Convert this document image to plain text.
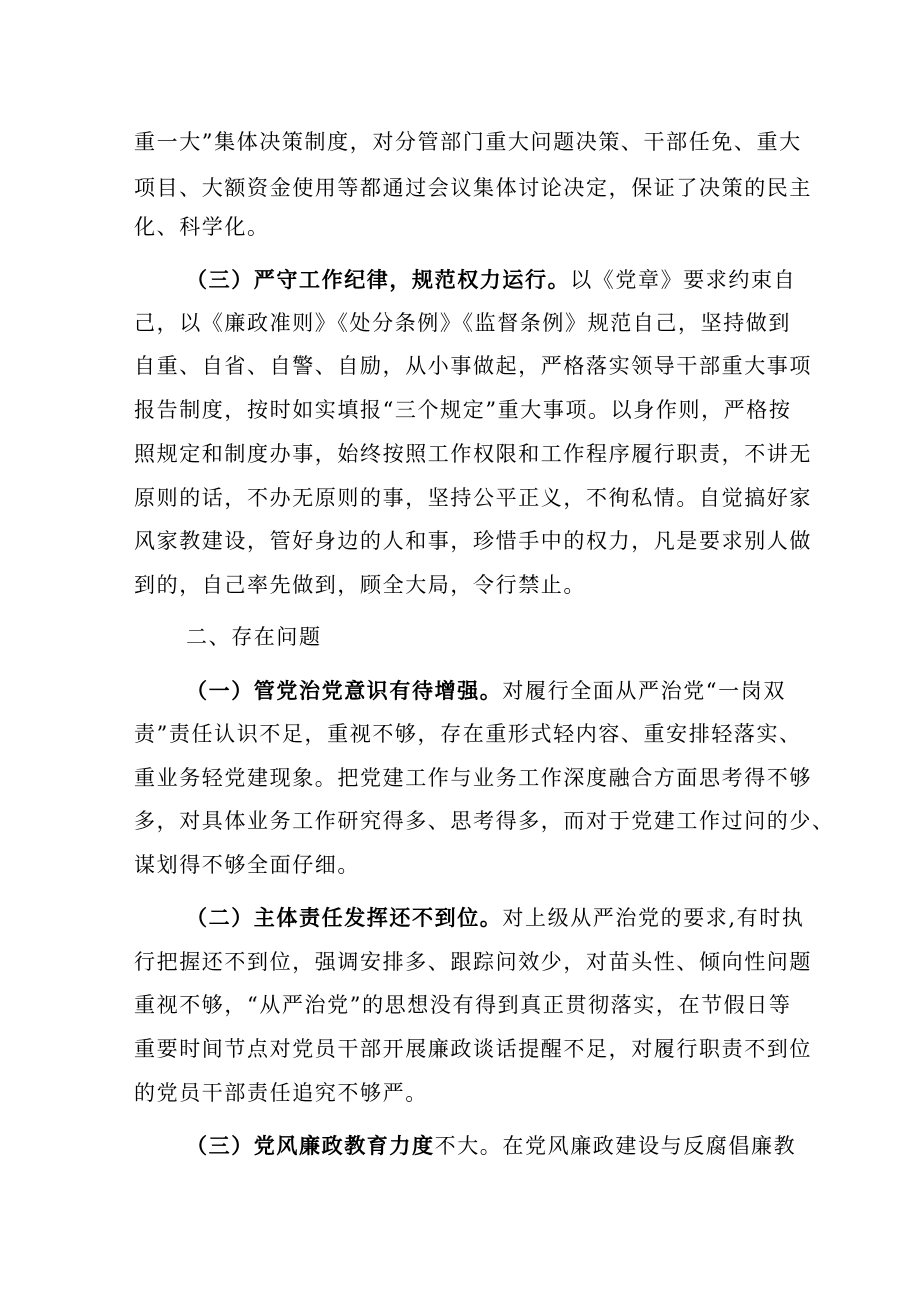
重一大”集体决策制度，对分管部门重大问题决策、干部任免、重大
项目、大额资金使用等都通过会议集体讨论决定，保证了决策的民主
化、科学化。
（三）严守工作纪律，规范权力运行。以《党章》要求约束自
己，以《廉政准则》《处分条例》《监督条例》规范自己，坚持做到
自重、自省、自警、自励，从小事做起，严格落实领导干部重大事项
报告制度，按时如实填报“三个规定”重大事项。以身作则，严格按
照规定和制度办事，始终按照工作权限和工作程序履行职责，不讲无
原则的话，不办无原则的事，坚持公平正义，不徇私情。自觉搞好家
风家教建设，管好身边的人和事，珍惜手中的权力，凡是要求别人做
到的，自己率先做到，顾全大局，令行禁止。
二、存在问题
（一）管党治党意识有待增强。对履行全面从严治党“一岗双
责”责任认识不足，重视不够，存在重形式轻内容、重安排轻落实、
重业务轻党建现象。把党建工作与业务工作深度融合方面思考得不够
多，对具体业务工作研究得多、思考得多，而对于党建工作过问的少、
谋划得不够全面仔细。
（二）主体责任发挥还不到位。对上级从严治党的要求,有时执
行把握还不到位，强调安排多、跟踪问效少，对苗头性、倾向性问题
重视不够，“从严治党”的思想没有得到真正贯彻落实，在节假日等
重要时间节点对党员干部开展廉政谈话提醒不足，对履行职责不到位
的党员干部责任追究不够严。
（三）党风廉政教育力度不大。在党风廉政建设与反腐倡廉教
